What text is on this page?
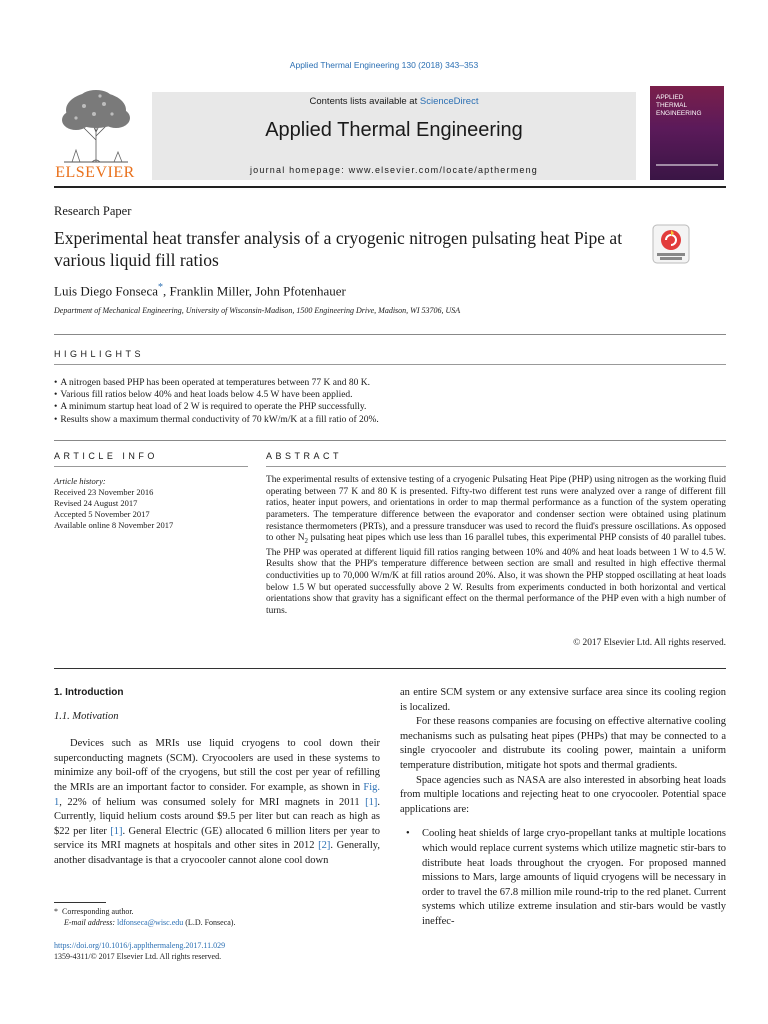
Applied Thermal Engineering 130 (2018) 343–353
ELSEVIER
Contents lists available at ScienceDirect
Applied Thermal Engineering
journal homepage: www.elsevier.com/locate/apthermeng
APPLIED
THERMAL
ENGINEERING
Research Paper
Experimental heat transfer analysis of a cryogenic nitrogen pulsating heat Pipe at various liquid fill ratios
Luis Diego Fonseca*, Franklin Miller, John Pfotenhauer
Department of Mechanical Engineering, University of Wisconsin-Madison, 1500 Engineering Drive, Madison, WI 53706, USA
HIGHLIGHTS
• A nitrogen based PHP has been operated at temperatures between 77 K and 80 K.
• Various fill ratios below 40% and heat loads below 4.5 W have been applied.
• A minimum startup heat load of 2 W is required to operate the PHP successfully.
• Results show a maximum thermal conductivity of 70 kW/m/K at a fill ratio of 20%.
ARTICLE INFO
Article history:
Received 23 November 2016
Revised 24 August 2017
Accepted 5 November 2017
Available online 8 November 2017
ABSTRACT
The experimental results of extensive testing of a cryogenic Pulsating Heat Pipe (PHP) using nitrogen as the working fluid operating between 77 K and 80 K is presented. Fifty-two different test runs were analyzed over a range of different fill ratios, heater input powers, and orientations in order to map thermal performance as a function of the system operating parameters. The temperature difference between the evaporator and condenser section were obtained using platinum resistance thermometers (PRTs), and a pressure transducer was used to record the fluid's pressure oscillations. As opposed to other $N_2$ pulsating heat pipes which use less than 16 parallel tubes, this experimental PHP consists of 40 parallel tubes. The PHP was operated at different liquid fill ratios ranging between 10% and 40% and heat loads between 1 W to 4.5 W. Results show that the PHP's temperature difference between section are small and resulted in high effective thermal conductivities up to 70,000 W/m/K at fill ratios around 20%. Also, it was shown the PHP stopped oscillating at heat loads below 1.5 W but operated successfully above 2 W. Results from experiments conducted in both horizontal and vertical orientations show that gravity has a significant effect on the thermal performance of the PHP even with a high number of turns.
© 2017 Elsevier Ltd. All rights reserved.
1. Introduction
1.1. Motivation
Devices such as MRIs use liquid cryogens to cool down their superconducting magnets (SCM). Cryocoolers are used in these systems to minimize any boil-off of the cryogens, but still the cost per year of refilling the MRIs are an important factor to consider. For example, as shown in Fig. 1, 22% of helium was consumed solely for MRI magnets in 2011 [1]. Currently, liquid helium costs around $9.5 per liter but can reach as high as $22 per liter [1]. General Electric (GE) allocated 6 million liters per year to service its MRI magnets at hospitals and other sites in 2012 [2]. Generally, another disadvantage is that a cryocooler cannot alone cool down
an entire SCM system or any extensive surface area since its cooling region is localized.
For these reasons companies are focusing on effective alternative cooling mechanisms such as pulsating heat pipes (PHPs) that may be connected to a single cryocooler and distrubute its cooling power, maintain a uniform temperature distribution, mitigate hot spots and thermal gradients.
Space agencies such as NASA are also interested in absorbing heat loads from multiple locations and rejecting heat to one cryocooler. Potential space applications are:
• Cooling heat shields of large cryo-propellant tanks at multiple locations which would replace current systems which utilize magnetic stir-bars to distribute heat loads throughout the cryogen. For proposed manned missions to Mars, large amounts of liquid cryogens will be necessary in order to travel the 67.8 million mile round-trip to the red planet. Current systems which utilize extreme insulation and stir-bars would be vastly ineffec-
* Corresponding author.
E-mail address: ldfonseca@wisc.edu (L.D. Fonseca).
https://doi.org/10.1016/j.applthermaleng.2017.11.029
1359-4311/© 2017 Elsevier Ltd. All rights reserved.
